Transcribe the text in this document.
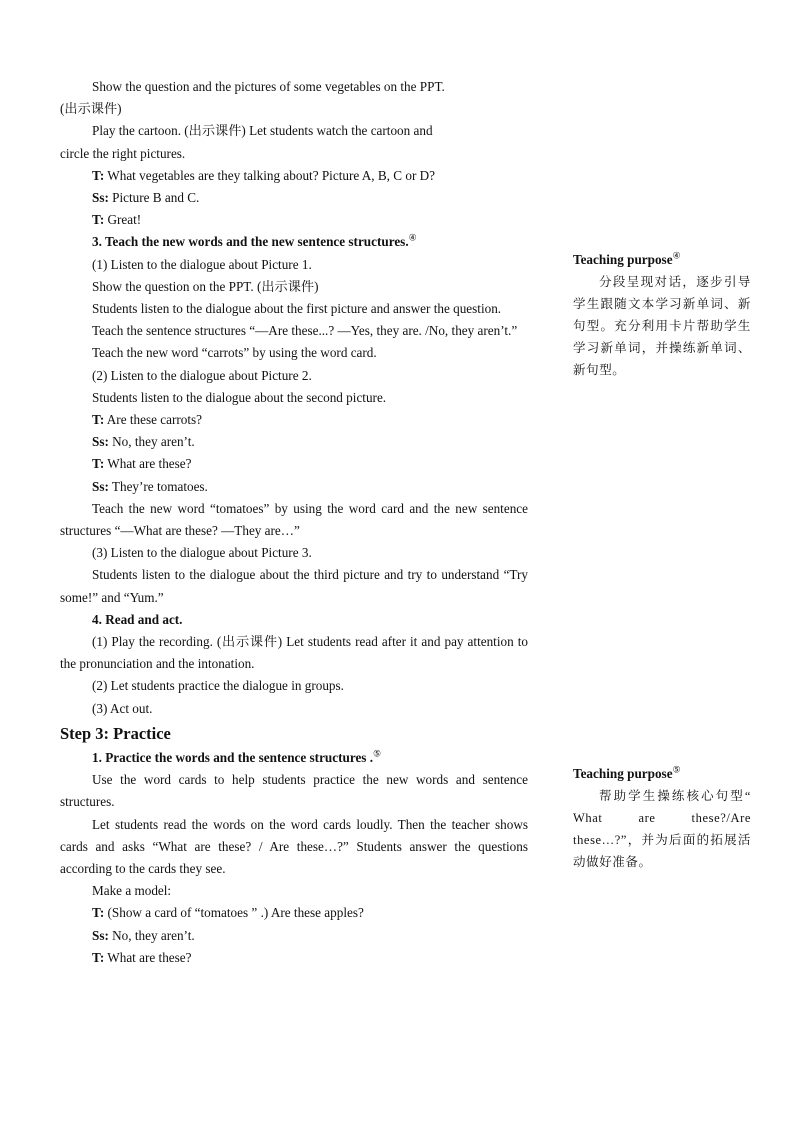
Show the question and the pictures of some vegetables on the PPT.

(出示课件)

Play the cartoon. (出示课件) Let students watch the cartoon and

circle the right pictures.

T: What vegetables are they talking about? Picture A, B, C or D?

Ss: Picture B and C.

T: Great!

3. Teach the new words and the new sentence structures.④

(1) Listen to the dialogue about Picture 1.

Show the question on the PPT. (出示课件)

Students listen to the dialogue about the first picture and answer the question.

Teach the sentence structures “—Are these...? —Yes, they are. /No, they aren’t.”

Teach the new word “carrots” by using the word card.

(2) Listen to the dialogue about Picture 2.

Students listen to the dialogue about the second picture.

T: Are these carrots?

Ss: No, they aren’t.

T: What are these?

Ss: They’re tomatoes.

Teach the new word “tomatoes” by using the word card and the new sentence structures “—What are these? —They are…”

(3) Listen to the dialogue about Picture 3.

Students listen to the dialogue about the third picture and try to understand “Try some!” and “Yum.”

4. Read and act.

(1) Play the recording. (出示课件) Let students read after it and pay attention to the pronunciation and the intonation.

(2) Let students practice the dialogue in groups.

(3) Act out.

Step 3: Practice

1. Practice the words and the sentence structures .⑤

Use the word cards to help students practice the new words and sentence structures.

Let students read the words on the word cards loudly. Then the teacher shows cards and asks “What are these? / Are these…?” Students answer the questions according to the cards they see.

Make a model:

T: (Show a card of “tomatoes ” .) Are these apples?

Ss: No, they aren’t.

T: What are these?

Teaching purpose④
分段呈现对话，逐步引导学生跟随文本学习新单词、新句型。充分利用卡片帮助学生学习新单词，并操练新单词、新句型。
Teaching purpose⑤
帮助学生操练核心句型“ What are these?/Are these…?”，并为后面的拓展活动做好准备。
